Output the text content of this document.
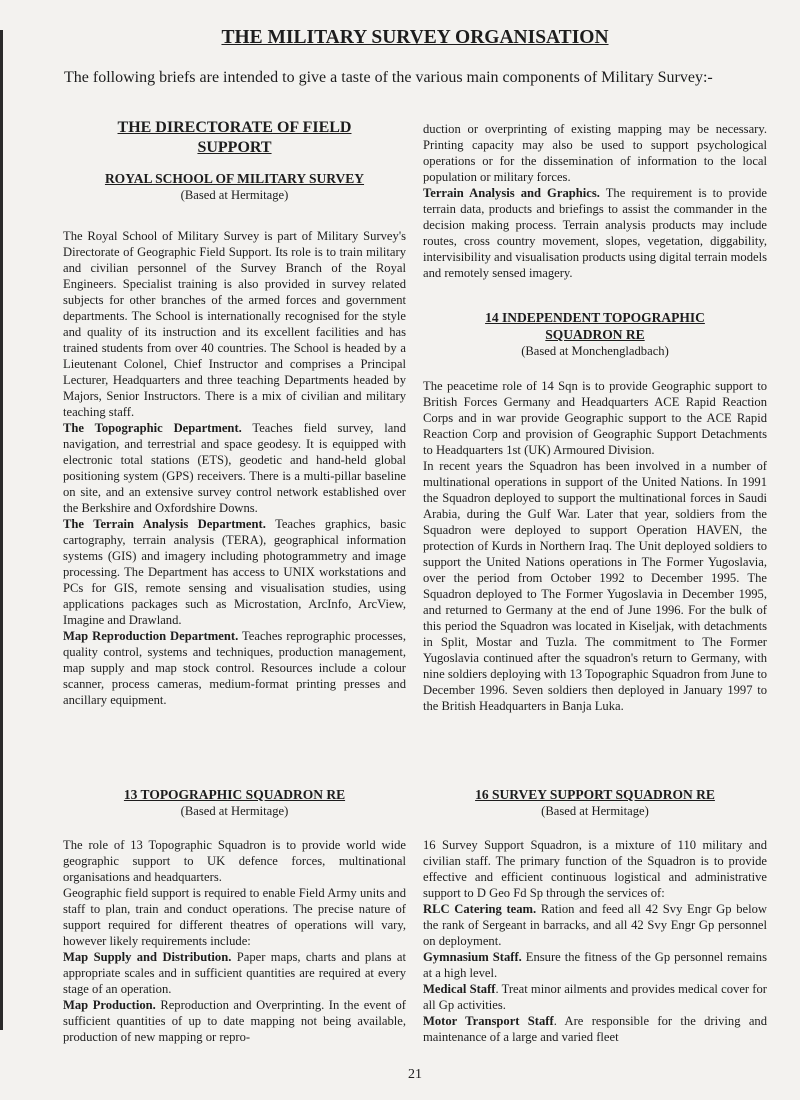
THE MILITARY SURVEY ORGANISATION

The following briefs are intended to give a taste of the various main components of Military Survey:-

THE DIRECTORATE OF FIELD SUPPORT
ROYAL SCHOOL OF MILITARY SURVEY
(Based at Hermitage)

The Royal School of Military Survey is part of Military Survey's Directorate of Geographic Field Support. Its role is to train military and civilian personnel of the Survey Branch of the Royal Engineers. Specialist training is also provided in survey related subjects for other branches of the armed forces and government departments. The School is internationally recognised for the style and quality of its instruction and its excellent facilities and has trained students from over 40 countries. The School is headed by a Lieutenant Colonel, Chief Instructor and comprises a Principal Lecturer, Headquarters and three teaching Departments headed by Majors, Senior Instructors. There is a mix of civilian and military teaching staff.

The Topographic Department. Teaches field survey, land navigation, and terrestrial and space geodesy. It is equipped with electronic total stations (ETS), geodetic and hand-held global positioning system (GPS) receivers. There is a multi-pillar baseline on site, and an extensive survey control network established over the Berkshire and Oxfordshire Downs.

The Terrain Analysis Department. Teaches graphics, basic cartography, terrain analysis (TERA), geographical information systems (GIS) and imagery including photogrammetry and image processing. The Department has access to UNIX workstations and PCs for GIS, remote sensing and visualisation studies, using applications packages such as Microstation, ArcInfo, ArcView, Imagine and Drawland.

Map Reproduction Department. Teaches reprographic processes, quality control, systems and techniques, production management, map supply and map stock control. Resources include a colour scanner, process cameras, medium-format printing presses and ancillary equipment.

13 TOPOGRAPHIC SQUADRON RE
(Based at Hermitage)

The role of 13 Topographic Squadron is to provide world wide geographic support to UK defence forces, multinational organisations and headquarters.

Geographic field support is required to enable Field Army units and staff to plan, train and conduct operations. The precise nature of support required for different theatres of operations will vary, however likely requirements include:

Map Supply and Distribution. Paper maps, charts and plans at appropriate scales and in sufficient quantities are required at every stage of an operation.

Map Production. Reproduction and Overprinting. In the event of sufficient quantities of up to date mapping not being available, production of new mapping or repro-

duction or overprinting of existing mapping may be necessary. Printing capacity may also be used to support psychological operations or for the dissemination of information to the local population or military forces.

Terrain Analysis and Graphics. The requirement is to provide terrain data, products and briefings to assist the commander in the decision making process. Terrain analysis products may include routes, cross country movement, slopes, vegetation, diggability, intervisibility and visualisation products using digital terrain models and remotely sensed imagery.

14 INDEPENDENT TOPOGRAPHIC SQUADRON RE
(Based at Monchengladbach)

The peacetime role of 14 Sqn is to provide Geographic support to British Forces Germany and Headquarters ACE Rapid Reaction Corps and in war provide Geographic support to the ACE Rapid Reaction Corp and provision of Geographic Support Detachments to Headquarters 1st (UK) Armoured Division.

In recent years the Squadron has been involved in a number of multinational operations in support of the United Nations. In 1991 the Squadron deployed to support the multinational forces in Saudi Arabia, during the Gulf War. Later that year, soldiers from the Squadron were deployed to support Operation HAVEN, the protection of Kurds in Northern Iraq. The Unit deployed soldiers to support the United Nations operations in The Former Yugoslavia, over the period from October 1992 to December 1995. The Squadron deployed to The Former Yugoslavia in December 1995, and returned to Germany at the end of June 1996. For the bulk of this period the Squadron was located in Kiseljak, with detachments in Split, Mostar and Tuzla. The commitment to The Former Yugoslavia continued after the squadron's return to Germany, with nine soldiers deploying with 13 Topographic Squadron from June to December 1996. Seven soldiers then deployed in January 1997 to the British Headquarters in Banja Luka.

16 SURVEY SUPPORT SQUADRON RE
(Based at Hermitage)

16 Survey Support Squadron, is a mixture of 110 military and civilian staff. The primary function of the Squadron is to provide effective and efficient continuous logistical and administrative support to D Geo Fd Sp through the services of:

RLC Catering team. Ration and feed all 42 Svy Engr Gp below the rank of Sergeant in barracks, and all 42 Svy Engr Gp personnel on deployment.

Gymnasium Staff. Ensure the fitness of the Gp personnel remains at a high level.

Medical Staff. Treat minor ailments and provides medical cover for all Gp activities.

Motor Transport Staff. Are responsible for the driving and maintenance of a large and varied fleet

21
